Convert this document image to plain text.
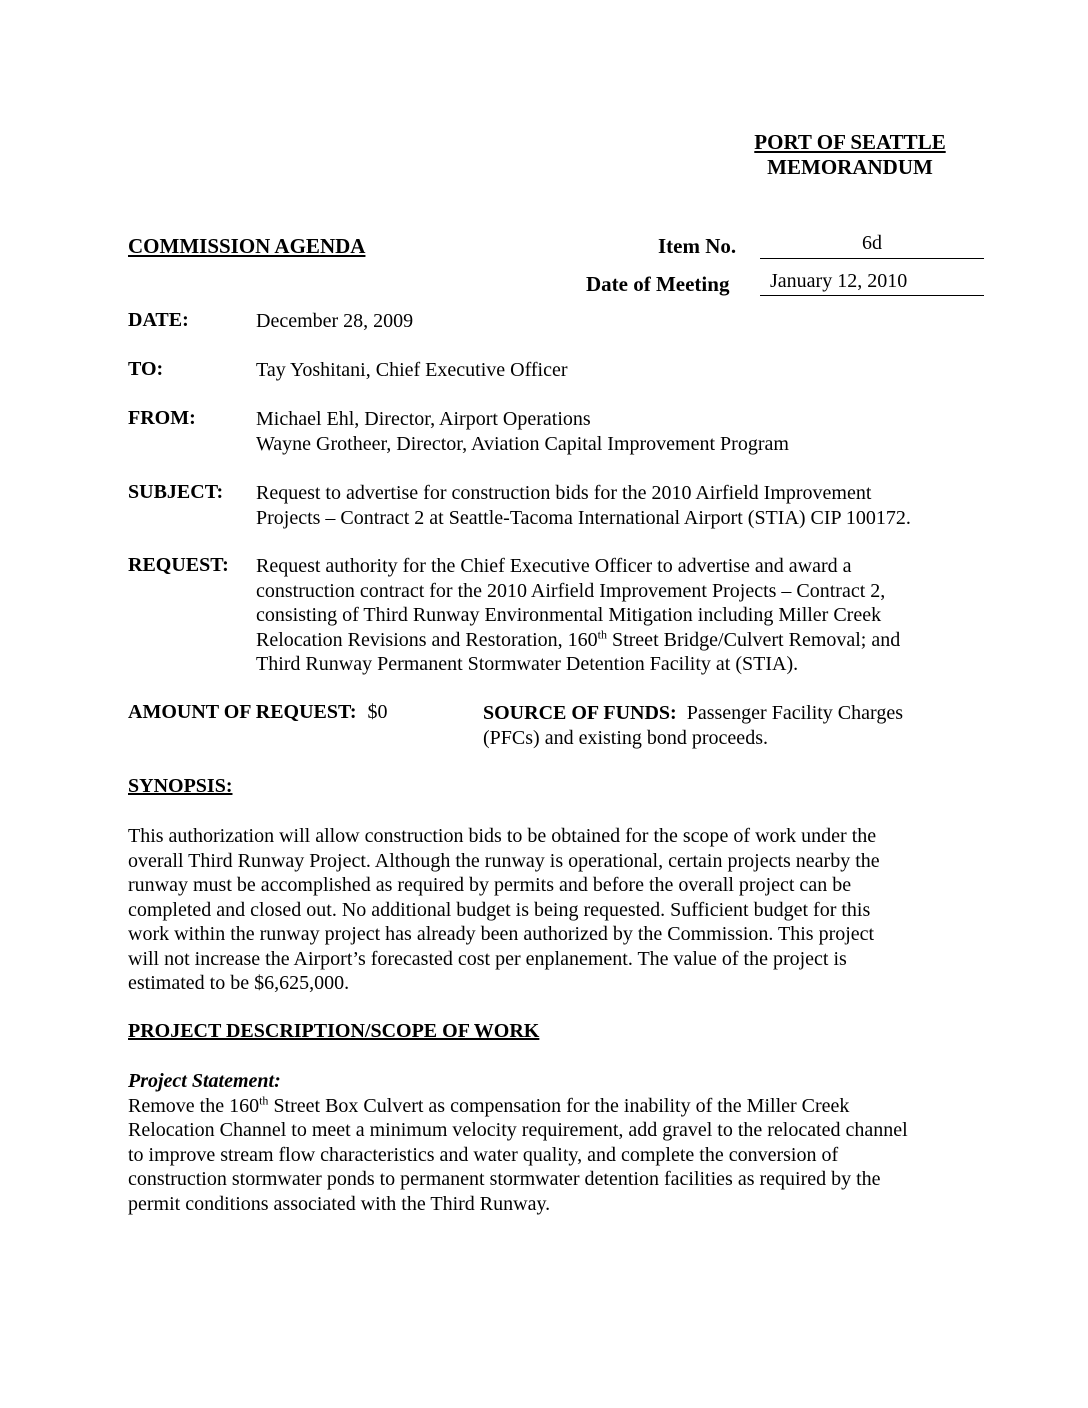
PORT OF SEATTLE
MEMORANDUM
COMMISSION AGENDA	Item No.	6d
Date of Meeting	January 12, 2010
DATE:	December 28, 2009
TO:	Tay Yoshitani, Chief Executive Officer
FROM:	Michael Ehl, Director, Airport Operations
Wayne Grotheer, Director, Aviation Capital Improvement Program
SUBJECT:	Request to advertise for construction bids for the 2010 Airfield Improvement
Projects – Contract 2 at Seattle-Tacoma International Airport (STIA) CIP 100172.
REQUEST:	Request authority for the Chief Executive Officer to advertise and award a
construction contract for the 2010 Airfield Improvement Projects – Contract 2,
consisting of Third Runway Environmental Mitigation including Miller Creek
Relocation Revisions and Restoration, 160th Street Bridge/Culvert Removal; and
Third Runway Permanent Stormwater Detention Facility at (STIA).
AMOUNT OF REQUEST: $0	SOURCE OF FUNDS: Passenger Facility Charges
(PFCs) and existing bond proceeds.
SYNOPSIS:
This authorization will allow construction bids to be obtained for the scope of work under the
overall Third Runway Project. Although the runway is operational, certain projects nearby the
runway must be accomplished as required by permits and before the overall project can be
completed and closed out. No additional budget is being requested. Sufficient budget for this
work within the runway project has already been authorized by the Commission. This project
will not increase the Airport’s forecasted cost per enplanement. The value of the project is
estimated to be $6,625,000.
PROJECT DESCRIPTION/SCOPE OF WORK
Project Statement:
Remove the 160th Street Box Culvert as compensation for the inability of the Miller Creek
Relocation Channel to meet a minimum velocity requirement, add gravel to the relocated channel
to improve stream flow characteristics and water quality, and complete the conversion of
construction stormwater ponds to permanent stormwater detention facilities as required by the
permit conditions associated with the Third Runway.
